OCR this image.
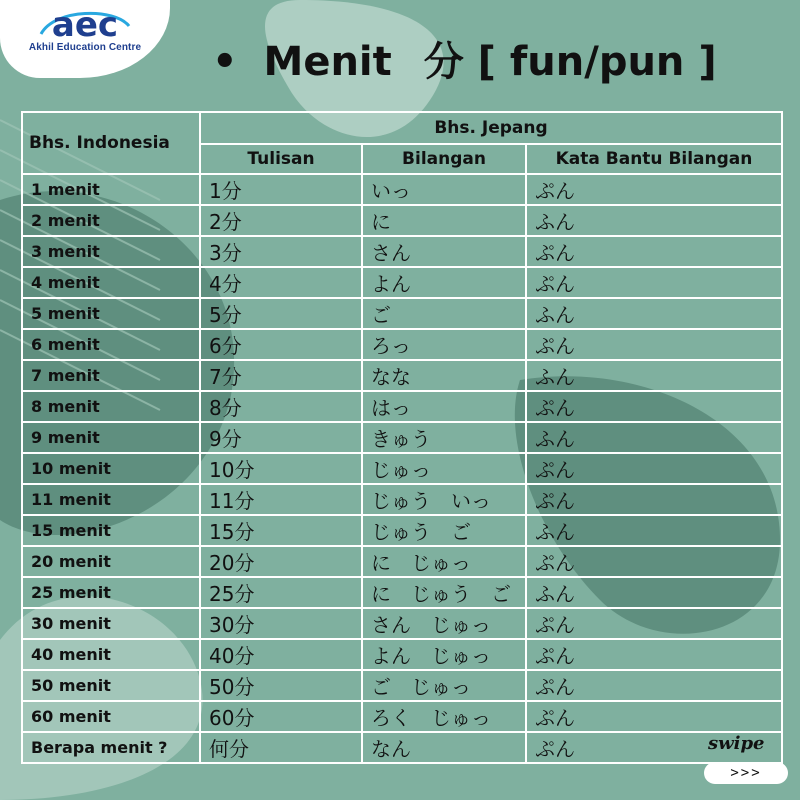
aec
Akhil Education Centre • Menit 分 [ fun/pun ]
Bhs. Indonesia	Bhs. Jepang		
	Tulisan	Bilangan	Kata Bantu Bilangan
1 menit	1分	いっ	ぷん
2 menit	2分	に	ふん
3 menit	3分	さん	ぷん
4 menit	4分	よん	ぷん
5 menit	5分	ご	ふん
6 menit	6分	ろっ	ぷん
7 menit	7分	なな	ふん
8 menit	8分	はっ	ぷん
9 menit	9分	きゅう	ふん
10 menit	10分	じゅっ	ぷん
11 menit	11分	じゅう　いっ	ぷん
15 menit	15分	じゅう　ご	ふん
20 menit	20分	に　じゅっ	ぷん
25 menit	25分	に　じゅう　ご	ふん
30 menit	30分	さん　じゅっ	ぷん
40 menit	40分	よん　じゅっ	ぷん
50 menit	50分	ご　じゅっ	ぷん
60 menit	60分	ろく　じゅっ	ぷん
Berapa menit ?	何分	なん	ぷん	swipe
>>>
